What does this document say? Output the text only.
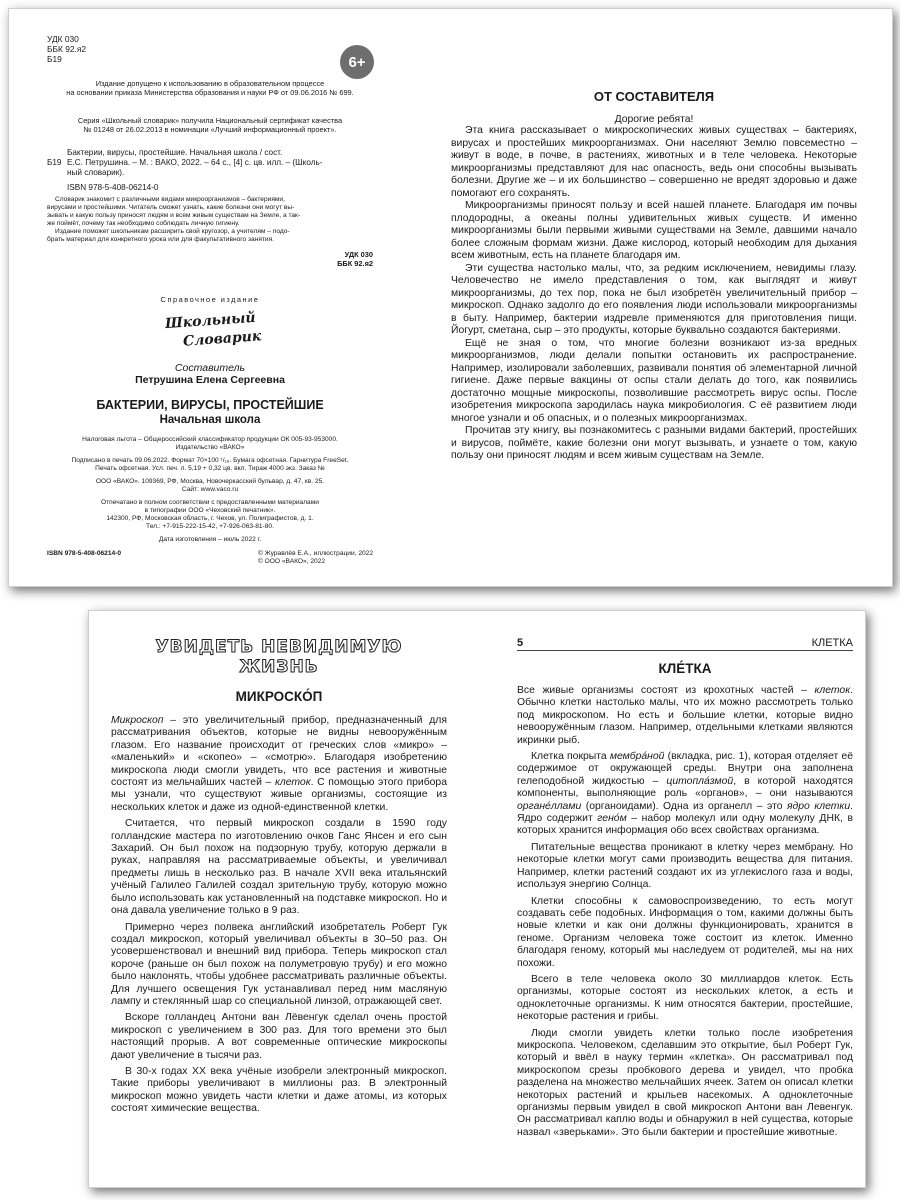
УДК 030

ББК 92.я2

Б19	6+

Издание допущено к использованию в образовательном процессе

на основании приказа Министерства образования и науки РФ от 09.06.2016 № 699.

Серия «Школьный словарик» получила Национальный сертификат качества

№ 01248 от 26.02.2013 в номинации «Лучший информационный проект».

Б19

Бактерии, вирусы, простейшие. Начальная школа / сост.

Е.С. Петрушина. – М. : ВАКО, 2022. – 64 с., [4] с. цв. илл. – (Школь-

ный словарик).

ISBN 978-5-408-06214-0

Словарик знакомит с различными видами микроорганизмов – бактериями,

вирусами и простейшими. Читатель сможет узнать, какие болезни они могут вы-

зывать и какую пользу приносят людям и всем живым существам на Земле, а так-

же поймёт, почему так необходимо соблюдать личную гигиену.

Издание поможет школьникам расширить свой кругозор, а учителям – подо-

брать материал для конкретного урока или для факультативного занятия.

УДК 030

ББК 92.я2

Справочное издание

Школьный
Словарик

Составитель

Петрушина Елена Сергеевна

БАКТЕРИИ, ВИРУСЫ, ПРОСТЕЙШИЕ

Начальная школа

Налоговая льгота – Общероссийский классификатор продукции ОК 005-93-953000.

Издательство «ВАКО»

Подписано в печать 09.06.2022. Формат 70×100 ¹/₁₆. Бумага офсетная. Гарнитура FreeSet.

Печать офсетная. Усл. печ. л. 5,19 + 0,32 цв. вкл. Тираж 4000 экз. Заказ №

ООО «ВАКО». 109369, РФ, Москва, Новочеркасский бульвар, д. 47, кв. 25.

Сайт: www.vaco.ru

Отпечатано в полном соответствии с предоставленными материалами

в типографии ООО «Чеховский печатник».

142300, РФ, Московская область, г. Чехов, ул. Полиграфистов, д. 1.

Тел.: +7-915-222-15-42, +7-926-063-81-80.

Дата изготовления – июль 2022 г.

ISBN 978-5-408-06214-0	© Журавлёв Е.А., иллюстрации, 2022
© ООО «ВАКО», 2022

ОТ СОСТАВИТЕЛЯ

Дорогие ребята!

Эта книга рассказывает о микроскопических живых существах – бактериях, вирусах и простейших микроорганизмах. Они населяют Землю повсеместно – живут в воде, в почве, в растениях, животных и в теле человека. Некоторые микроорганизмы представляют для нас опасность, ведь они способны вызывать болезни. Другие же – и их большинство – совершенно не вредят здоровью и даже помогают его сохранять.

Микроорганизмы приносят пользу и всей нашей планете. Благодаря им почвы плодородны, а океаны полны удивительных живых существ. И именно микроорганизмы были первыми живыми существами на Земле, давшими начало более сложным формам жизни. Даже кислород, который необходим для дыхания всем животным, есть на планете благодаря им.

Эти существа настолько малы, что, за редким исключением, невидимы глазу. Человечество не имело представления о том, как выглядят и живут микроорганизмы, до тех пор, пока не был изобретён увеличительный прибор – микроскоп. Однако задолго до его появления люди использовали микроорганизмы в быту. Например, бактерии издревле применяются для приготовления пищи. Йогурт, сметана, сыр – это продукты, которые буквально создаются бактериями.

Ещё не зная о том, что многие болезни возникают из-за вредных микроорганизмов, люди делали попытки остановить их распространение. Например, изолировали заболевших, развивали понятия об элементарной личной гигиене. Даже первые вакцины от оспы стали делать до того, как появились достаточно мощные микроскопы, позволившие рассмотреть вирус оспы. После изобретения микроскопа зародилась наука микробиология. С её развитием люди многое узнали и об опасных, и о полезных микроорганизмах.

Прочитав эту книгу, вы познакомитесь с разными видами бактерий, простейших и вирусов, поймёте, какие болезни они могут вызывать, и узнаете о том, какую пользу они приносят людям и всем живым существам на Земле.

УВИДЕТЬ НЕВИДИМУЮ

ЖИЗНЬ

МИКРОСКО́П

Микроскоп – это увеличительный прибор, предназначенный для рассматривания объектов, которые не видны невооружённым глазом. Его название происходит от греческих слов «микро» – «маленький» и «скопео» – «смотрю». Благодаря изобретению микроскопа люди смогли увидеть, что все растения и животные состоят из мельчайших частей – клеток. С помощью этого прибора мы узнали, что существуют живые организмы, состоящие из нескольких клеток и даже из одной-единственной клетки.

Считается, что первый микроскоп создали в 1590 году голландские мастера по изготовлению очков Ганс Янсен и его сын Захарий. Он был похож на подзорную трубу, которую держали в руках, направляя на рассматриваемые объекты, и увеличивал предметы лишь в несколько раз. В начале XVII века итальянский учёный Галилео Галилей создал зрительную трубу, которую можно было использовать как установленный на подставке микроскоп. Но и она давала увеличение только в 9 раз.

Примерно через полвека английский изобретатель Роберт Гук создал микроскоп, который увеличивал объекты в 30–50 раз. Он усовершенствовал и внешний вид прибора. Теперь микроскоп стал короче (раньше он был похож на полуметровую трубу) и его можно было наклонять, чтобы удобнее рассматривать различные объекты. Для лучшего освещения Гук устанавливал перед ним масляную лампу и стеклянный шар со специальной линзой, отражающей свет.

Вскоре голландец Антони ван Лёвенгук сделал очень простой микроскоп с увеличением в 300 раз. Для того времени это был настоящий прорыв. А вот современные оптические микроскопы дают увеличение в тысячи раз.

В 30-х годах XX века учёные изобрели электронный микроскоп. Такие приборы увеличивают в миллионы раз. В электронный микроскоп можно увидеть части клетки и даже атомы, из которых состоят химические вещества.

5	КЛЕТКА

КЛЕ́ТКА

Все живые организмы состоят из крохотных частей – клеток. Обычно клетки настолько малы, что их можно рассмотреть только под микроскопом. Но есть и большие клетки, которые видно невооружённым глазом. Например, отдельными клетками являются икринки рыб.

Клетка покрыта мембра́ной (вкладка, рис. 1), которая отделяет её содержимое от окружающей среды. Внутри она заполнена гелеподобной жидкостью – цитопла́змой, в которой находятся компоненты, выполняющие роль «органов», – они называются органе́ллами (органоидами). Одна из органелл – это ядро клетки. Ядро содержит гено́м – набор молекул или одну молекулу ДНК, в которых хранится информация обо всех свойствах организма.

Питательные вещества проникают в клетку через мембрану. Но некоторые клетки могут сами производить вещества для питания. Например, клетки растений создают их из углекислого газа и воды, используя энергию Солнца.

Клетки способны к самовоспроизведению, то есть могут создавать себе подобных. Информация о том, какими должны быть новые клетки и как они должны функционировать, хранится в геноме. Организм человека тоже состоит из клеток. Именно благодаря геному, который мы наследуем от родителей, мы на них похожи.

Всего в теле человека около 30 миллиардов клеток. Есть организмы, которые состоят из нескольких клеток, а есть и одноклеточные организмы. К ним относятся бактерии, простейшие, некоторые растения и грибы.

Люди смогли увидеть клетки только после изобретения микроскопа. Человеком, сделавшим это открытие, был Роберт Гук, который и ввёл в науку термин «клетка». Он рассматривал под микроскопом срезы пробкового дерева и увидел, что пробка разделена на множество мельчайших ячеек. Затем он описал клетки некоторых растений и крыльев насекомых. А одноклеточные организмы первым увидел в свой микроскоп Антони ван Левенгук. Он рассматривал каплю воды и обнаружил в ней существа, которые назвал «зверьками». Это были бактерии и простейшие животные.
